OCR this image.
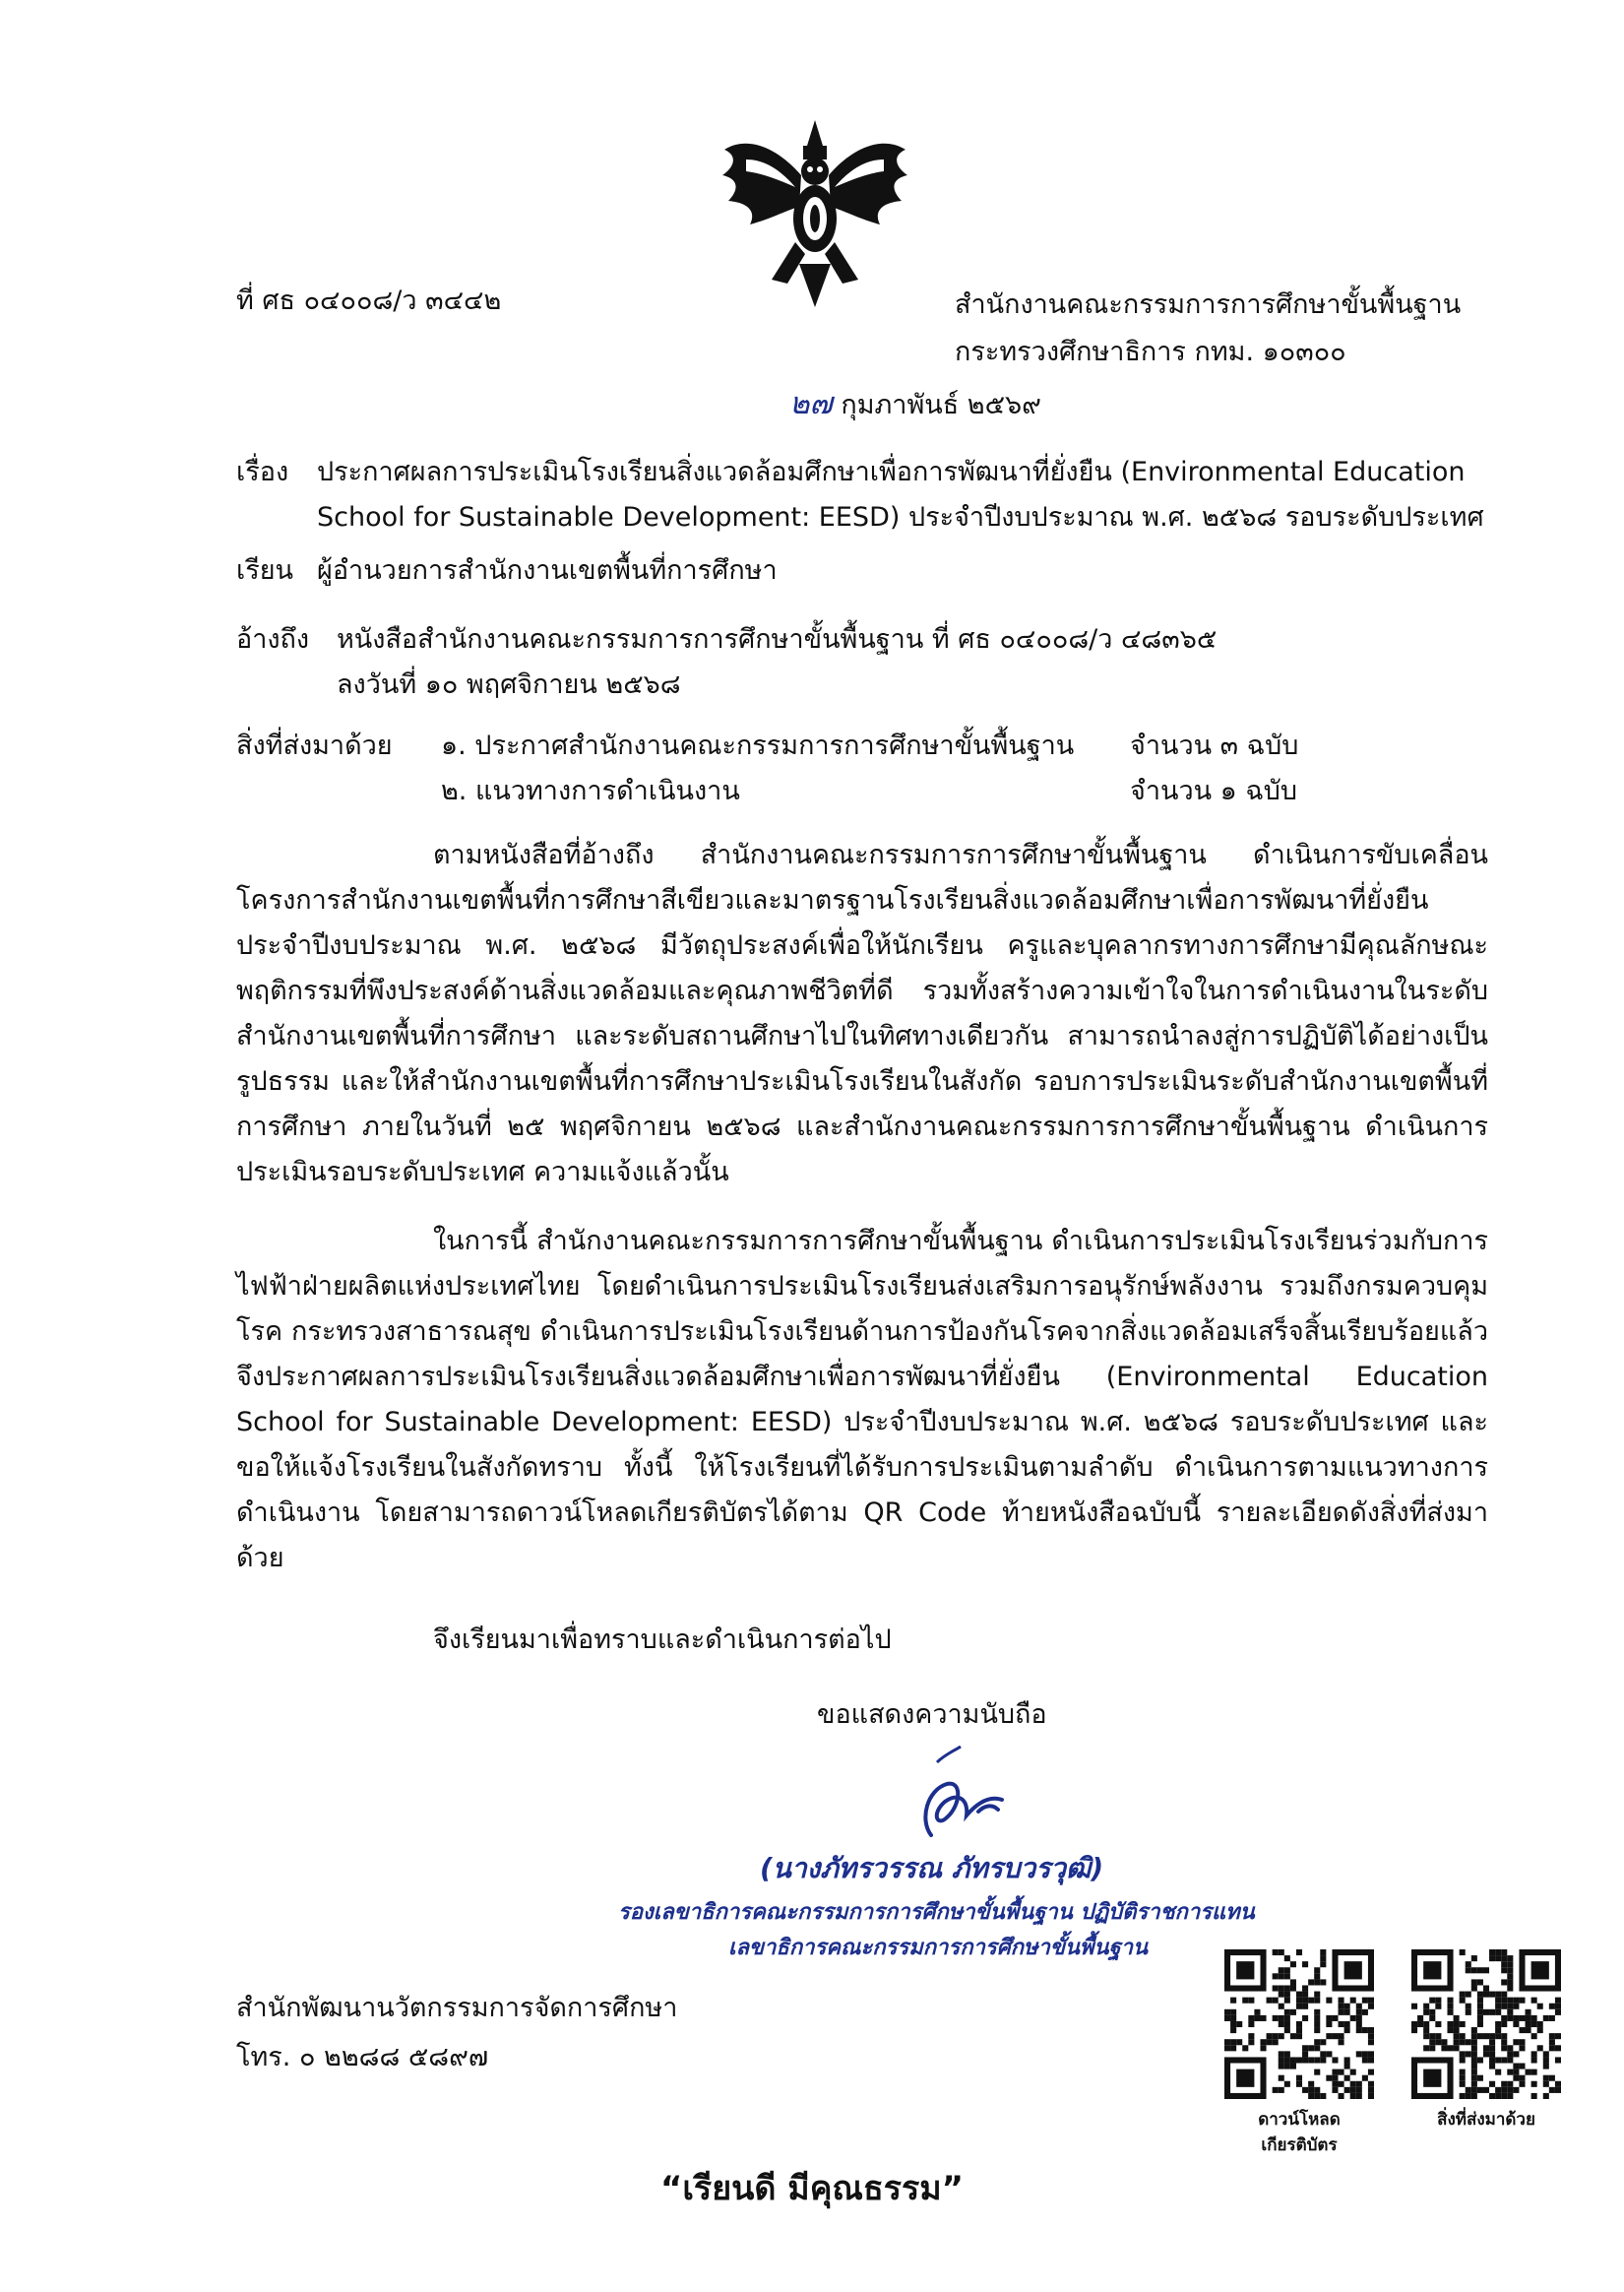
ที่ ศธ ๐๔๐๐๘/ว ๓๔๔๒	สำนักงานคณะกรรมการการศึกษาขั้นพื้นฐาน
กระทรวงศึกษาธิการ กทม. ๑๐๓๐๐
๒๗ กุมภาพันธ์ ๒๕๖๙
เรื่อง ประกาศผลการประเมินโรงเรียนสิ่งแวดล้อมศึกษาเพื่อการพัฒนาที่ยั่งยืน (Environmental Education
School for Sustainable Development: EESD) ประจำปีงบประมาณ พ.ศ. ๒๕๖๘ รอบระดับประเทศ
เรียน ผู้อำนวยการสำนักงานเขตพื้นที่การศึกษา
อ้างถึง หนังสือสำนักงานคณะกรรมการการศึกษาขั้นพื้นฐาน ที่ ศธ ๐๔๐๐๘/ว ๔๘๓๖๕
ลงวันที่ ๑๐ พฤศจิกายน ๒๕๖๘
สิ่งที่ส่งมาด้วย ๑. ประกาศสำนักงานคณะกรรมการการศึกษาขั้นพื้นฐาน จำนวน ๓ ฉบับ
๒. แนวทางการดำเนินงาน	จำนวน ๑ ฉบับ
ตามหนังสือที่อ้างถึง สำนักงานคณะกรรมการการศึกษาขั้นพื้นฐาน ดำเนินการขับเคลื่อนโครงการสำนักงานเขตพื้นที่การศึกษาสีเขียวและมาตรฐานโรงเรียนสิ่งแวดล้อมศึกษาเพื่อการพัฒนาที่ยั่งยืน ประจำปีงบประมาณ พ.ศ. ๒๕๖๘ มีวัตถุประสงค์เพื่อให้นักเรียน ครูและบุคลากรทางการศึกษามีคุณลักษณะพฤติกรรมที่พึงประสงค์ด้านสิ่งแวดล้อมและคุณภาพชีวิตที่ดี รวมทั้งสร้างความเข้าใจในการดำเนินงานในระดับสำนักงานเขตพื้นที่การศึกษา และระดับสถานศึกษาไปในทิศทางเดียวกัน สามารถนำลงสู่การปฏิบัติได้อย่างเป็นรูปธรรม และให้สำนักงานเขตพื้นที่การศึกษาประเมินโรงเรียนในสังกัด รอบการประเมินระดับสำนักงานเขตพื้นที่การศึกษา ภายในวันที่ ๒๕ พฤศจิกายน ๒๕๖๘ และสำนักงานคณะกรรมการการศึกษาขั้นพื้นฐาน ดำเนินการประเมินรอบระดับประเทศ ความแจ้งแล้วนั้น
ในการนี้ สำนักงานคณะกรรมการการศึกษาขั้นพื้นฐาน ดำเนินการประเมินโรงเรียนร่วมกับการไฟฟ้าฝ่ายผลิตแห่งประเทศไทย โดยดำเนินการประเมินโรงเรียนส่งเสริมการอนุรักษ์พลังงาน รวมถึงกรมควบคุมโรค กระทรวงสาธารณสุข ดำเนินการประเมินโรงเรียนด้านการป้องกันโรคจากสิ่งแวดล้อมเสร็จสิ้นเรียบร้อยแล้ว จึงประกาศผลการประเมินโรงเรียนสิ่งแวดล้อมศึกษาเพื่อการพัฒนาที่ยั่งยืน (Environmental Education School for Sustainable Development: EESD) ประจำปีงบประมาณ พ.ศ. ๒๕๖๘ รอบระดับประเทศ และขอให้แจ้งโรงเรียนในสังกัดทราบ ทั้งนี้ ให้โรงเรียนที่ได้รับการประเมินตามลำดับ ดำเนินการตามแนวทางการดำเนินงาน โดยสามารถดาวน์โหลดเกียรติบัตรได้ตาม QR Code ท้ายหนังสือฉบับนี้ รายละเอียดดังสิ่งที่ส่งมาด้วย
จึงเรียนมาเพื่อทราบและดำเนินการต่อไป
ขอแสดงความนับถือ
(นางภัทรวรรณ ภัทรบวรวุฒิ)
รองเลขาธิการคณะกรรมการการศึกษาขั้นพื้นฐาน ปฏิบัติราชการแทน
เลขาธิการคณะกรรมการการศึกษาขั้นพื้นฐาน
สำนักพัฒนานวัตกรรมการจัดการศึกษา
โทร. ๐ ๒๒๘๘ ๕๘๙๗
ดาวน์โหลด
เกียรติบัตร
สิ่งที่ส่งมาด้วย
“เรียนดี มีคุณธรรม”
